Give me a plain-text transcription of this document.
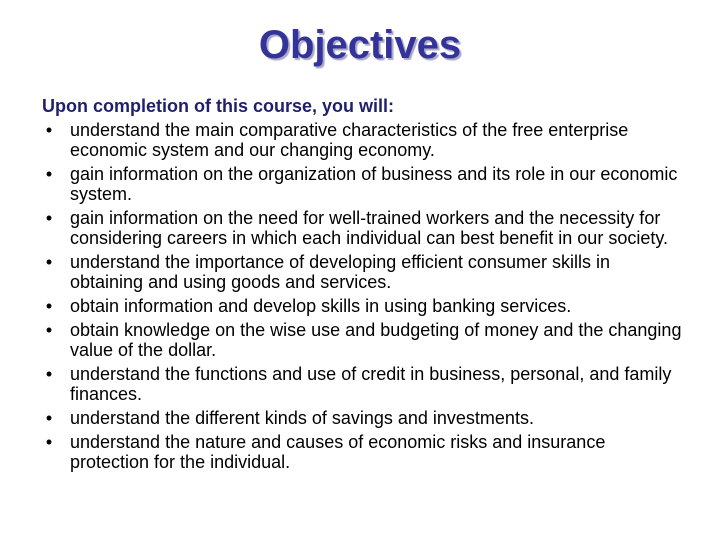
Objectives

Upon completion of this course, you will:

• understand the main comparative characteristics of the free enterprise economic system and our changing economy.
• gain information on the organization of business and its role in our economic system.
• gain information on the need for well-trained workers and the necessity for considering careers in which each individual can best benefit in our society.
• understand the importance of developing efficient consumer skills in obtaining and using goods and services.
• obtain information and develop skills in using banking services.
• obtain knowledge on the wise use and budgeting of money and the changing value of the dollar.
• understand the functions and use of credit in business, personal, and family finances.
• understand the different kinds of savings and investments.
• understand the nature and causes of economic risks and insurance protection for the individual.
